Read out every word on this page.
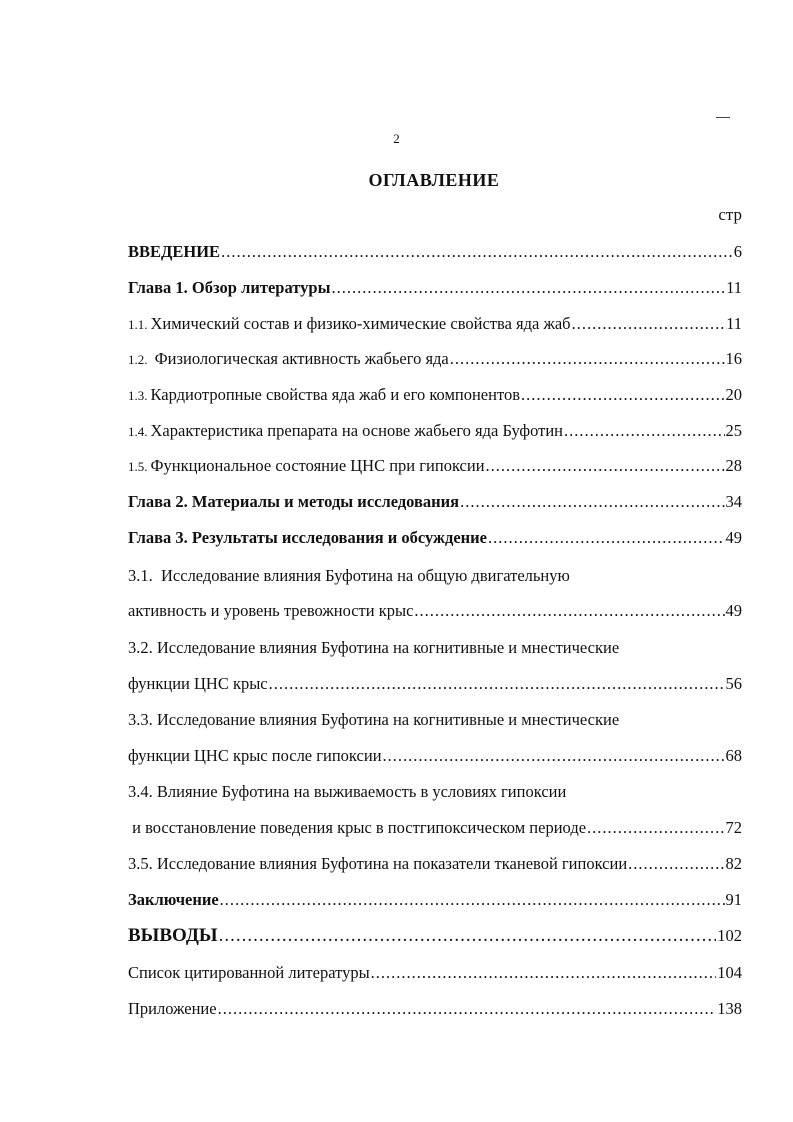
2
ОГЛАВЛЕНИЕ
стр
ВВЕДЕНИЕ .....	6
Глава 1. Обзор литературы .....	11
1.1. Химический состав и физико-химические свойства яда жаб .....	11
1.2. Физиологическая активность жабьего яда .....	16
1.3. Кардиотропные свойства яда жаб и его компонентов .....	20
1.4. Характеристика препарата на основе жабьего яда Буфотин .....	25
1.5. Функциональное состояние ЦНС при гипоксии .....	28
Глава 2. Материалы и методы исследования .....	34
Глава 3. Результаты исследования и обсуждение .....	49
3.1. Исследование влияния Буфотина на общую двигательную
активность и уровень тревожности крыс .....	49
3.2. Исследование влияния Буфотина на когнитивные и мнестические
функции ЦНС крыс .....	56
3.3. Исследование влияния Буфотина на когнитивные и мнестические
функции ЦНС крыс после гипоксии .....	68
3.4. Влияние Буфотина на выживаемость в условиях гипоксии
и восстановление поведения крыс в постгипоксическом периоде .....	72
3.5. Исследование влияния Буфотина на показатели тканевой гипоксии .....	82
Заключение .....	91
ВЫВОДЫ .....	102
Список цитированной литературы .....	104
Приложение .....	138
